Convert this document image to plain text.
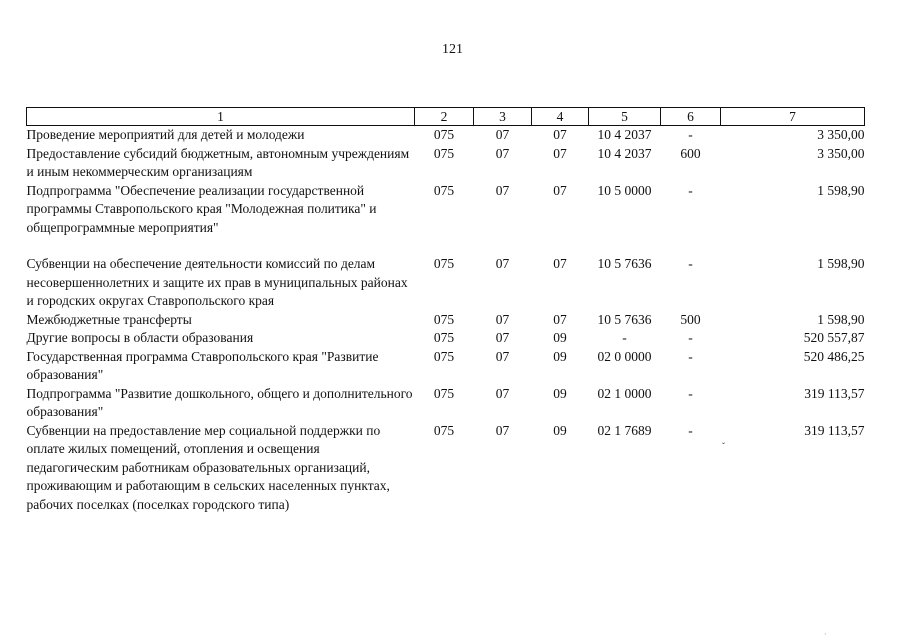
121
1	2	3	4	5	6	7
Проведение мероприятий для детей и молодежи	075	07	07	10 4 2037	-	3 350,00
Предоставление субсидий бюджетным, автономным учреждениям и иным некоммерческим организациям	075	07	07	10 4 2037	600	3 350,00
Подпрограмма "Обеспечение реализации государственной программы Ставропольского края "Молодежная политика" и общепрограммные мероприятия"	075	07	07	10 5 0000	-	1 598,90

Субвенции на обеспечение деятельности комиссий по делам несовершеннолетних и защите их прав в муниципальных районах и городских округах Ставропольского края	075	07	07	10 5 7636	-	1 598,90
Межбюджетные трансферты	075	07	07	10 5 7636	500	1 598,90
Другие вопросы в области образования	075	07	09	-	-	520 557,87
Государственная программа Ставропольского края "Развитие образования"	075	07	09	02 0 0000	-	520 486,25
Подпрограмма "Развитие дошкольного, общего и дополнительного образования"	075	07	09	02 1 0000	-	319 113,57
Субвенции на предоставление мер социальной поддержки по оплате жилых помещений, отопления и освещения педагогическим работникам образовательных организаций, проживающим и работающим в сельских населенных пунктах, рабочих поселках (поселках городского типа)	075	07	09	02 1 7689	-	319 113,57
ˇ
·
